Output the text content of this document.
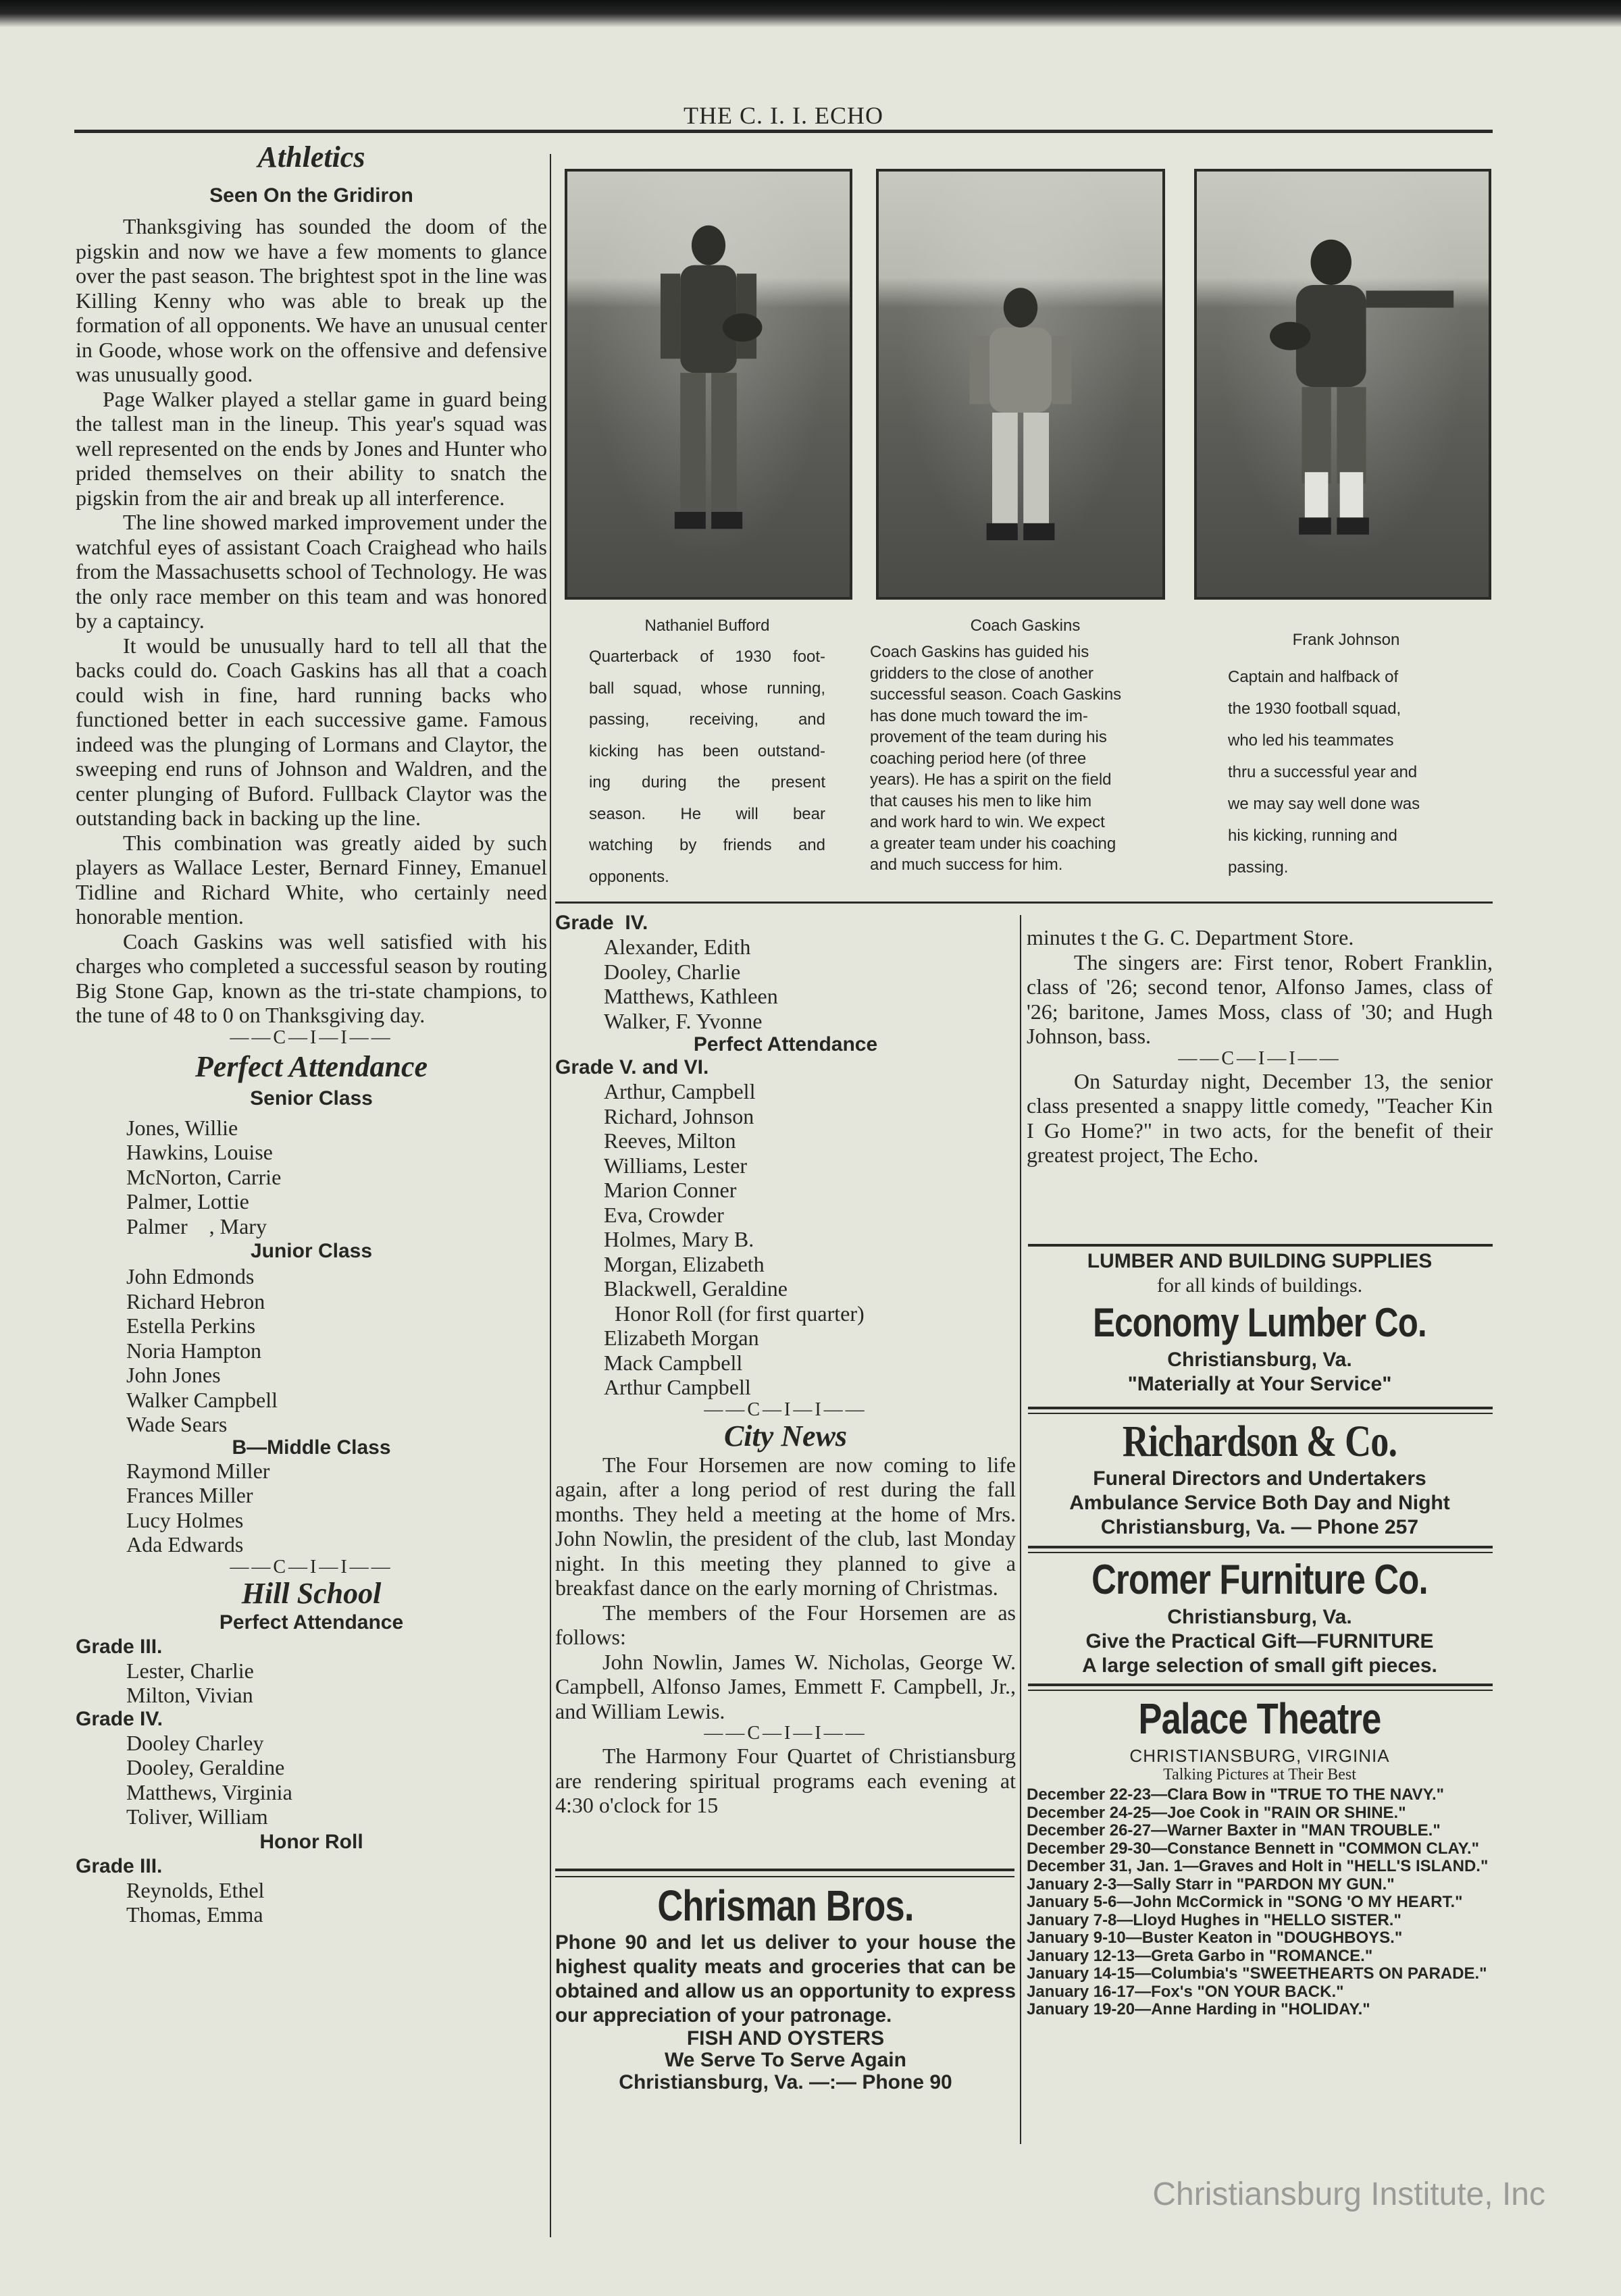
THE C. I. I. ECHO
Athletics
Seen On the Gridiron

Thanksgiving has sounded the doom of the pigskin and now we have a few moments to glance over the past season. The brightest spot in the line was Killing Kenny who was able to break up the formation of all opponents. We have an unusual center in Goode, whose work on the offensive and defensive was unusually good.

Page Walker played a stellar game in guard being the tallest man in the lineup. This year's squad was well represented on the ends by Jones and Hunter who prided themselves on their ability to snatch the pigskin from the air and break up all interference.

The line showed marked improvement under the watchful eyes of assistant Coach Craighead who hails from the Massachusetts school of Technology. He was the only race member on this team and was honored by a captaincy.

It would be unusually hard to tell all that the backs could do. Coach Gaskins has all that a coach could wish in fine, hard running backs who functioned better in each successive game. Famous indeed was the plunging of Lormans and Claytor, the sweeping end runs of Johnson and Waldren, and the center plunging of Buford. Fullback Claytor was the outstanding back in backing up the line.

This combination was greatly aided by such players as Wallace Lester, Bernard Finney, Emanuel Tidline and Richard White, who certainly need honorable mention.

Coach Gaskins was well satisfied with his charges who completed a successful season by routing Big Stone Gap, known as the tri-state champions, to the tune of 48 to 0 on Thanksgiving day.

——C—I—I——
Perfect Attendance
Senior Class
Jones, Willie
Hawkins, Louise
McNorton, Carrie
Palmer, Lottie
Palmer    , Mary
Junior Class
John Edmonds
Richard Hebron
Estella Perkins
Noria Hampton
John Jones
Walker Campbell
Wade Sears
B—Middle Class
Raymond Miller
Frances Miller
Lucy Holmes
Ada Edwards
——C—I—I——
Hill School
Perfect Attendance
Grade III.
Lester, Charlie
Milton, Vivian
Grade IV.
Dooley Charley
Dooley, Geraldine
Matthews, Virginia
Toliver, William
Honor Roll
Grade III.
Reynolds, Ethel
Thomas, Emma
Nathaniel Bufford
Quarterback of 1930 foot-
ball squad, whose running,
passing, receiving, and
kicking has been outstand-
ing during the present
season. He will bear
watching by friends and
opponents.
Coach Gaskins
Coach Gaskins has guided his
gridders to the close of another
successful season. Coach Gaskins
has done much toward the im-
provement of the team during his
coaching period here (of three
years). He has a spirit on the field
that causes his men to like him
and work hard to win. We expect
a greater team under his coaching
and much success for him.
Frank Johnson
Captain and halfback of
the 1930 football squad,
who led his teammates
thru a successful year and
we may say well done was
his kicking, running and
passing.
Grade  IV.
Alexander, Edith
Dooley, Charlie
Matthews, Kathleen
Walker, F. Yvonne
Perfect Attendance
Grade V. and VI.
Arthur, Campbell
Richard, Johnson
Reeves, Milton
Williams, Lester
Marion Conner
Eva, Crowder
Holmes, Mary B.
Morgan, Elizabeth
Blackwell, Geraldine
Honor Roll (for first quarter)
Elizabeth Morgan
Mack Campbell
Arthur Campbell
——C—I—I——
City News

The Four Horsemen are now coming to life again, after a long period of rest during the fall months. They held a meeting at the home of Mrs. John Nowlin, the president of the club, last Monday night. In this meeting they planned to give a breakfast dance on the early morning of Christmas.

The members of the Four Horsemen are as follows:

John Nowlin, James W. Nicholas, George W. Campbell, Alfonso James, Emmett F. Campbell, Jr., and William Lewis.

——C—I—I——

The Harmony Four Quartet of Christiansburg are rendering spiritual programs each evening at 4:30 o'clock for 15

Chrisman Bros.
Phone 90 and let us deliver to your house the highest quality meats and groceries that can be obtained and allow us an opportunity to express our appreciation of your patronage.
FISH AND OYSTERS
We Serve To Serve Again
Christiansburg, Va. —:— Phone 90
minutes t the G. C. Department Store.

The singers are: First tenor, Robert Franklin, class of '26; second tenor, Alfonso James, class of '26; baritone, James Moss, class of '30; and Hugh Johnson, bass.

——C—I—I——

On Saturday night, December 13, the senior class presented a snappy little comedy, "Teacher Kin I Go Home?" in two acts, for the benefit of their greatest project, The Echo.

LUMBER AND BUILDING SUPPLIES
for all kinds of buildings.
Economy Lumber Co.
Christiansburg, Va.
"Materially at Your Service"
Richardson & Co.
Funeral Directors and Undertakers
Ambulance Service Both Day and Night
Christiansburg, Va. — Phone 257
Cromer Furniture Co.
Christiansburg, Va.
Give the Practical Gift—FURNITURE
A large selection of small gift pieces.
Palace Theatre
CHRISTIANSBURG, VIRGINIA
Talking Pictures at Their Best
December 22-23—Clara Bow in "TRUE TO THE NAVY."
December 24-25—Joe Cook in "RAIN OR SHINE."
December 26-27—Warner Baxter in "MAN TROUBLE."
December 29-30—Constance Bennett in "COMMON CLAY."
December 31, Jan. 1—Graves and Holt in "HELL'S ISLAND."
January 2-3—Sally Starr in "PARDON MY GUN."
January 5-6—John McCormick in "SONG 'O MY HEART."
January 7-8—Lloyd Hughes in "HELLO SISTER."
January 9-10—Buster Keaton in "DOUGHBOYS."
January 12-13—Greta Garbo in "ROMANCE."
January 14-15—Columbia's "SWEETHEARTS ON PARADE."
January 16-17—Fox's "ON YOUR BACK."
January 19-20—Anne Harding in "HOLIDAY."
Christiansburg Institute, Inc
